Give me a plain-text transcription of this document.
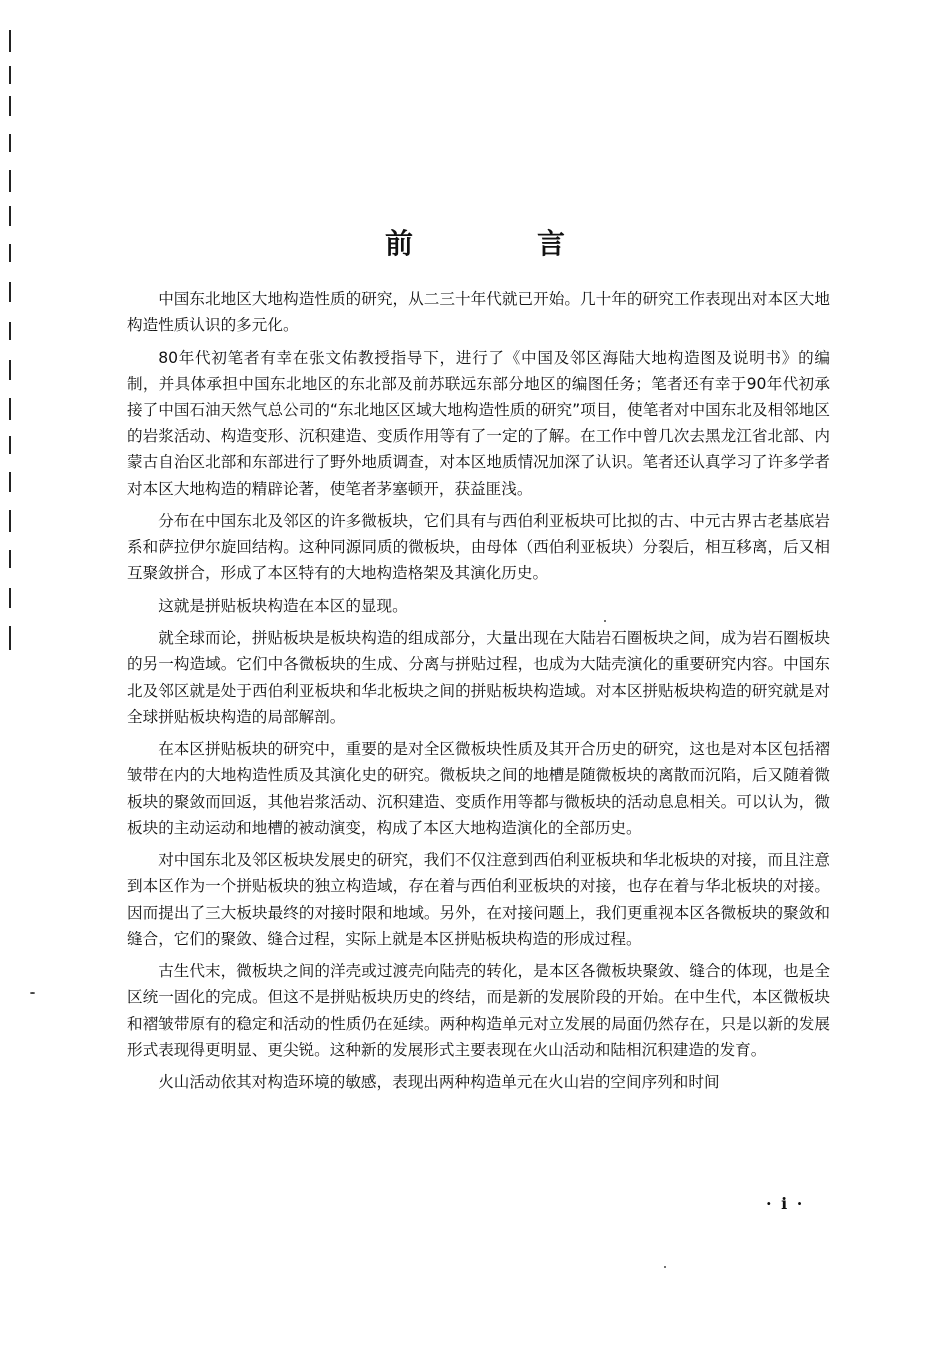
前　言

中国东北地区大地构造性质的研究，从二三十年代就已开始。几十年的研究工作表现出对本区大地构造性质认识的多元化。

80年代初笔者有幸在张文佑教授指导下，进行了《中国及邻区海陆大地构造图及说明书》的编制，并具体承担中国东北地区的东北部及前苏联远东部分地区的编图任务；笔者还有幸于90年代初承接了中国石油天然气总公司的“东北地区区域大地构造性质的研究”项目，使笔者对中国东北及相邻地区的岩浆活动、构造变形、沉积建造、变质作用等有了一定的了解。在工作中曾几次去黑龙江省北部、内蒙古自治区北部和东部进行了野外地质调查，对本区地质情况加深了认识。笔者还认真学习了许多学者对本区大地构造的精辟论著，使笔者茅塞顿开，获益匪浅。

分布在中国东北及邻区的许多微板块，它们具有与西伯利亚板块可比拟的古、中元古界古老基底岩系和萨拉伊尔旋回结构。这种同源同质的微板块，由母体（西伯利亚板块）分裂后，相互移离，后又相互聚敛拼合，形成了本区特有的大地构造格架及其演化历史。

这就是拼贴板块构造在本区的显现。

就全球而论，拼贴板块是板块构造的组成部分，大量出现在大陆岩石圈板块之间，成为岩石圈板块的另一构造域。它们中各微板块的生成、分离与拼贴过程，也成为大陆壳演化的重要研究内容。中国东北及邻区就是处于西伯利亚板块和华北板块之间的拼贴板块构造域。对本区拼贴板块构造的研究就是对全球拼贴板块构造的局部解剖。

在本区拼贴板块的研究中，重要的是对全区微板块性质及其开合历史的研究，这也是对本区包括褶皱带在内的大地构造性质及其演化史的研究。微板块之间的地槽是随微板块的离散而沉陷，后又随着微板块的聚敛而回返，其他岩浆活动、沉积建造、变质作用等都与微板块的活动息息相关。可以认为，微板块的主动运动和地槽的被动演变，构成了本区大地构造演化的全部历史。

对中国东北及邻区板块发展史的研究，我们不仅注意到西伯利亚板块和华北板块的对接，而且注意到本区作为一个拼贴板块的独立构造域，存在着与西伯利亚板块的对接，也存在着与华北板块的对接。因而提出了三大板块最终的对接时限和地域。另外，在对接问题上，我们更重视本区各微板块的聚敛和缝合，它们的聚敛、缝合过程，实际上就是本区拼贴板块构造的形成过程。

古生代末，微板块之间的洋壳或过渡壳向陆壳的转化，是本区各微板块聚敛、缝合的体现，也是全区统一固化的完成。但这不是拼贴板块历史的终结，而是新的发展阶段的开始。在中生代，本区微板块和褶皱带原有的稳定和活动的性质仍在延续。两种构造单元对立发展的局面仍然存在，只是以新的发展形式表现得更明显、更尖锐。这种新的发展形式主要表现在火山活动和陆相沉积建造的发育。

火山活动依其对构造环境的敏感，表现出两种构造单元在火山岩的空间序列和时间

· i ·
